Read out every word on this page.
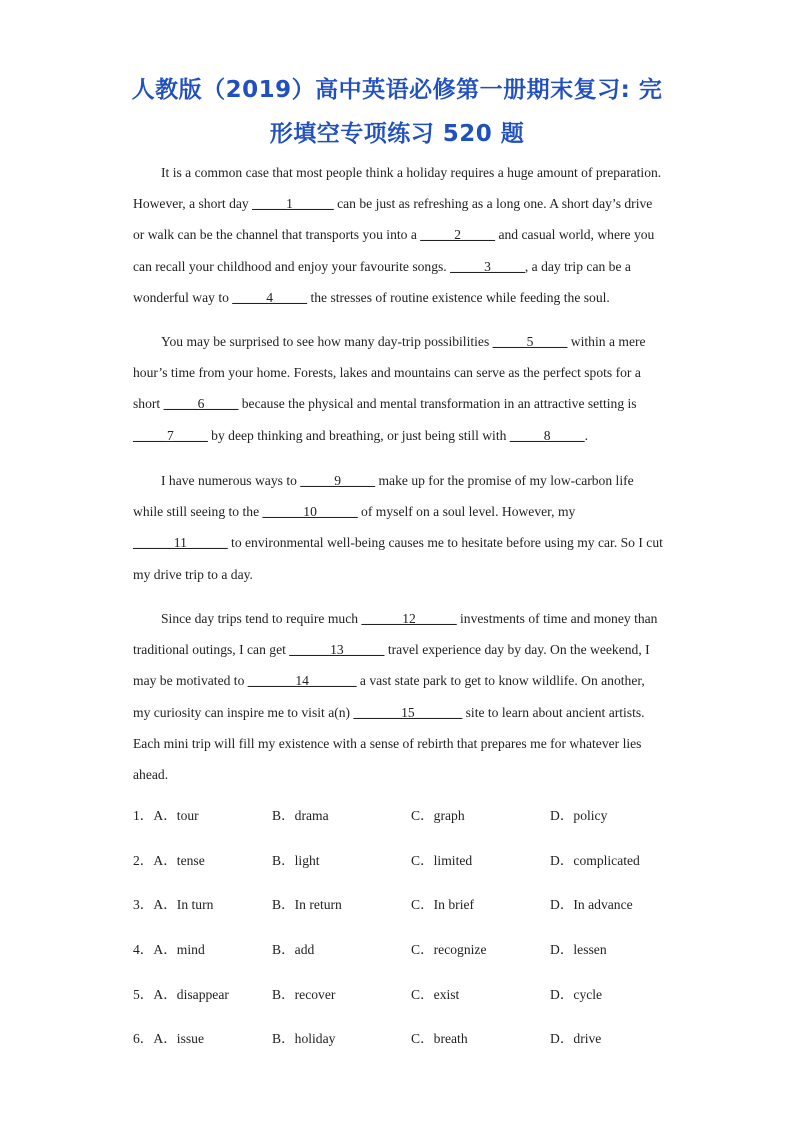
人教版（2019）高中英语必修第一册期末复习: 完
形填空专项练习 520 题
It is a common case that most people think a holiday requires a huge amount of preparation. However, a short day _____1______ can be just as refreshing as a long one. A short day’s drive or walk can be the channel that transports you into a _____2_____ and casual world, where you can recall your childhood and enjoy your favourite songs. _____3_____, a day trip can be a wonderful way to _____4_____ the stresses of routine existence while feeding the soul.
You may be surprised to see how many day-trip possibilities _____5_____ within a mere hour’s time from your home. Forests, lakes and mountains can serve as the perfect spots for a short _____6_____ because the physical and mental transformation in an attractive setting is _____7_____ by deep thinking and breathing, or just being still with _____8_____.
I have numerous ways to _____9_____ make up for the promise of my low-carbon life while still seeing to the ______10______ of myself on a soul level. However, my ______11______ to environmental well-being causes me to hesitate before using my car. So I cut my drive trip to a day.
Since day trips tend to require much ______12______ investments of time and money than traditional outings, I can get ______13______ travel experience day by day. On the weekend, I may be motivated to _______14_______ a vast state park to get to know wildlife. On another, my curiosity can inspire me to visit a(n) _______15_______ site to learn about ancient artists. Each mini trip will fill my existence with a sense of rebirth that prepares me for whatever lies ahead.
1．A．tour	B．drama	C．graph	D．policy
2．A．tense	B．light	C．limited	D．complicated
3．A．In turn	B．In return	C．In brief	D．In advance
4．A．mind	B．add	C．recognize	D．lessen
5．A．disappear	B．recover	C．exist	D．cycle
6．A．issue	B．holiday	C．breath	D．drive
